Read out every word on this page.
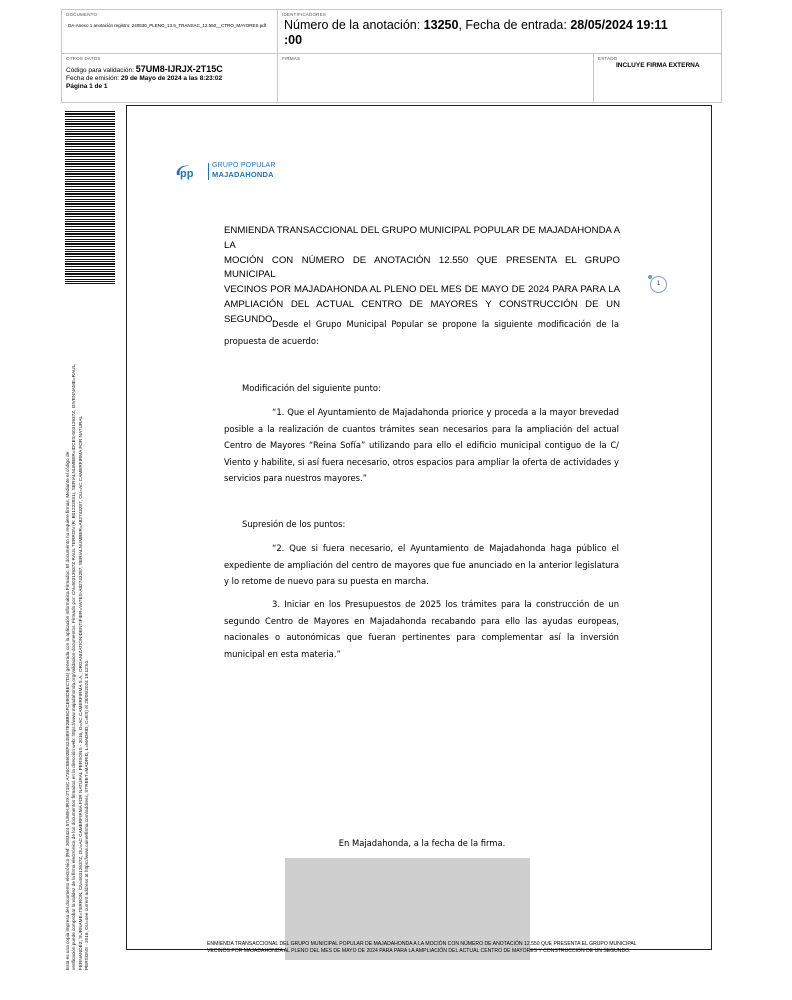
DOCUMENTO
DA-Anexo 1 anotación registro: 240530_PLENO_13.5_TRANSAC_12.550__CTRO_MAYORES.pdf
IDENTIFICADORES
Número de la anotación: 13250, Fecha de entrada: 28/05/2024 19:11
:00
OTROS DATOS
Código para validación: 57UM8-IJRJX-2T15C
Fecha de emisión: 29 de Mayo de 2024 a las 8:23:02
Página 1 de 1
FIRMAS	ESTADO
INCLUYE FIRMA EXTERNA
Esta es una copia impresa del documento electrónico (Ref: 3083424 57UM8-IJRJX-2T15C A730C5E602EF3245897E2BB5CFCE80DBEC7D4) generada con la aplicación informática Firmadoc. El documento no requiere firmas. Mediante el código de verificación puede comprobar la validez de la firma electrónica de los documentos firmados en la dirección web: https://www.majadahonda.org/validacion-documentos. Firmado por: CN=50312637Z RAUL TERRON (R: B01222831), SERIALNUMBER=IDCES-50312637Z, GIVENNAME=RAUL, FERNANDEZ, SURNAME=TERRON, CN=50312637Z, OU=AC CAMERFIRMA FOR NATURAL PERSONS - 2016, O=AC CAMERFIRMA S.A., ORGANIZATIONIDENTIFIER=VATES-A82743287, SERIALNUMBER=A82743287, OU=AC CAMERFIRMA FOR NATURAL PERSONS - 2016, OU=see current address at https://www.camerfirma.com/address, STREET=MADRID, L=MADRID, C=ES) el 28/05/2024 19:12:51.
pp
GRUPO POPULAR
MAJADAHONDA
ENMIENDA TRANSACCIONAL DEL GRUPO MUNICIPAL POPULAR DE MAJADAHONDA A LA
MOCIÓN CON NÚMERO DE ANOTACIÓN 12.550 QUE PRESENTA EL GRUPO MUNICIPAL
VECINOS POR MAJADAHONDA AL PLENO DEL MES DE MAYO DE 2024 PARA PARA LA
AMPLIACIÓN DEL ACTUAL CENTRO DE MAYORES Y CONSTRUCCIÓN DE UN SEGUNDO.
1
Desde el Grupo Municipal Popular se propone la siguiente modificación de la propuesta de acuerdo:
Modificación del siguiente punto:
“1. Que el Ayuntamiento de Majadahonda priorice y proceda a la mayor brevedad posible a la realización de cuantos trámites sean necesarios para la ampliación del actual Centro de Mayores “Reina Sofía” utilizando para ello el edificio municipal contiguo de la C/ Viento y habilite, si así fuera necesario, otros espacios para ampliar la oferta de actividades y servicios para nuestros mayores.”
Supresión de los puntos:
“2. Que si fuera necesario, el Ayuntamiento de Majadahonda haga público el expediente de ampliación del centro de mayores que fue anunciado en la anterior legislatura y lo retome de nuevo para su puesta en marcha.
3. Iniciar en los Presupuestos de 2025 los trámites para la construcción de un segundo Centro de Mayores en Majadahonda recabando para ello las ayudas europeas, nacionales o autonómicas que fueran pertinentes para complementar así la inversión municipal en esta materia.”
En Majadahonda, a la fecha de la firma.
ENMIENDA TRANSACCIONAL DEL GRUPO MUNICIPAL POPULAR DE MAJADAHONDA A LA MOCIÓN CON NÚMERO DE ANOTACIÓN 12.550 QUE PRESENTA EL GRUPO MUNICIPAL VECINOS POR MAJADAHONDA AL PLENO DEL MES DE MAYO DE 2024 PARA PARA LA AMPLIACIÓN DEL ACTUAL CENTRO DE MAYORES Y CONSTRUCCIÓN DE UN SEGUNDO.
